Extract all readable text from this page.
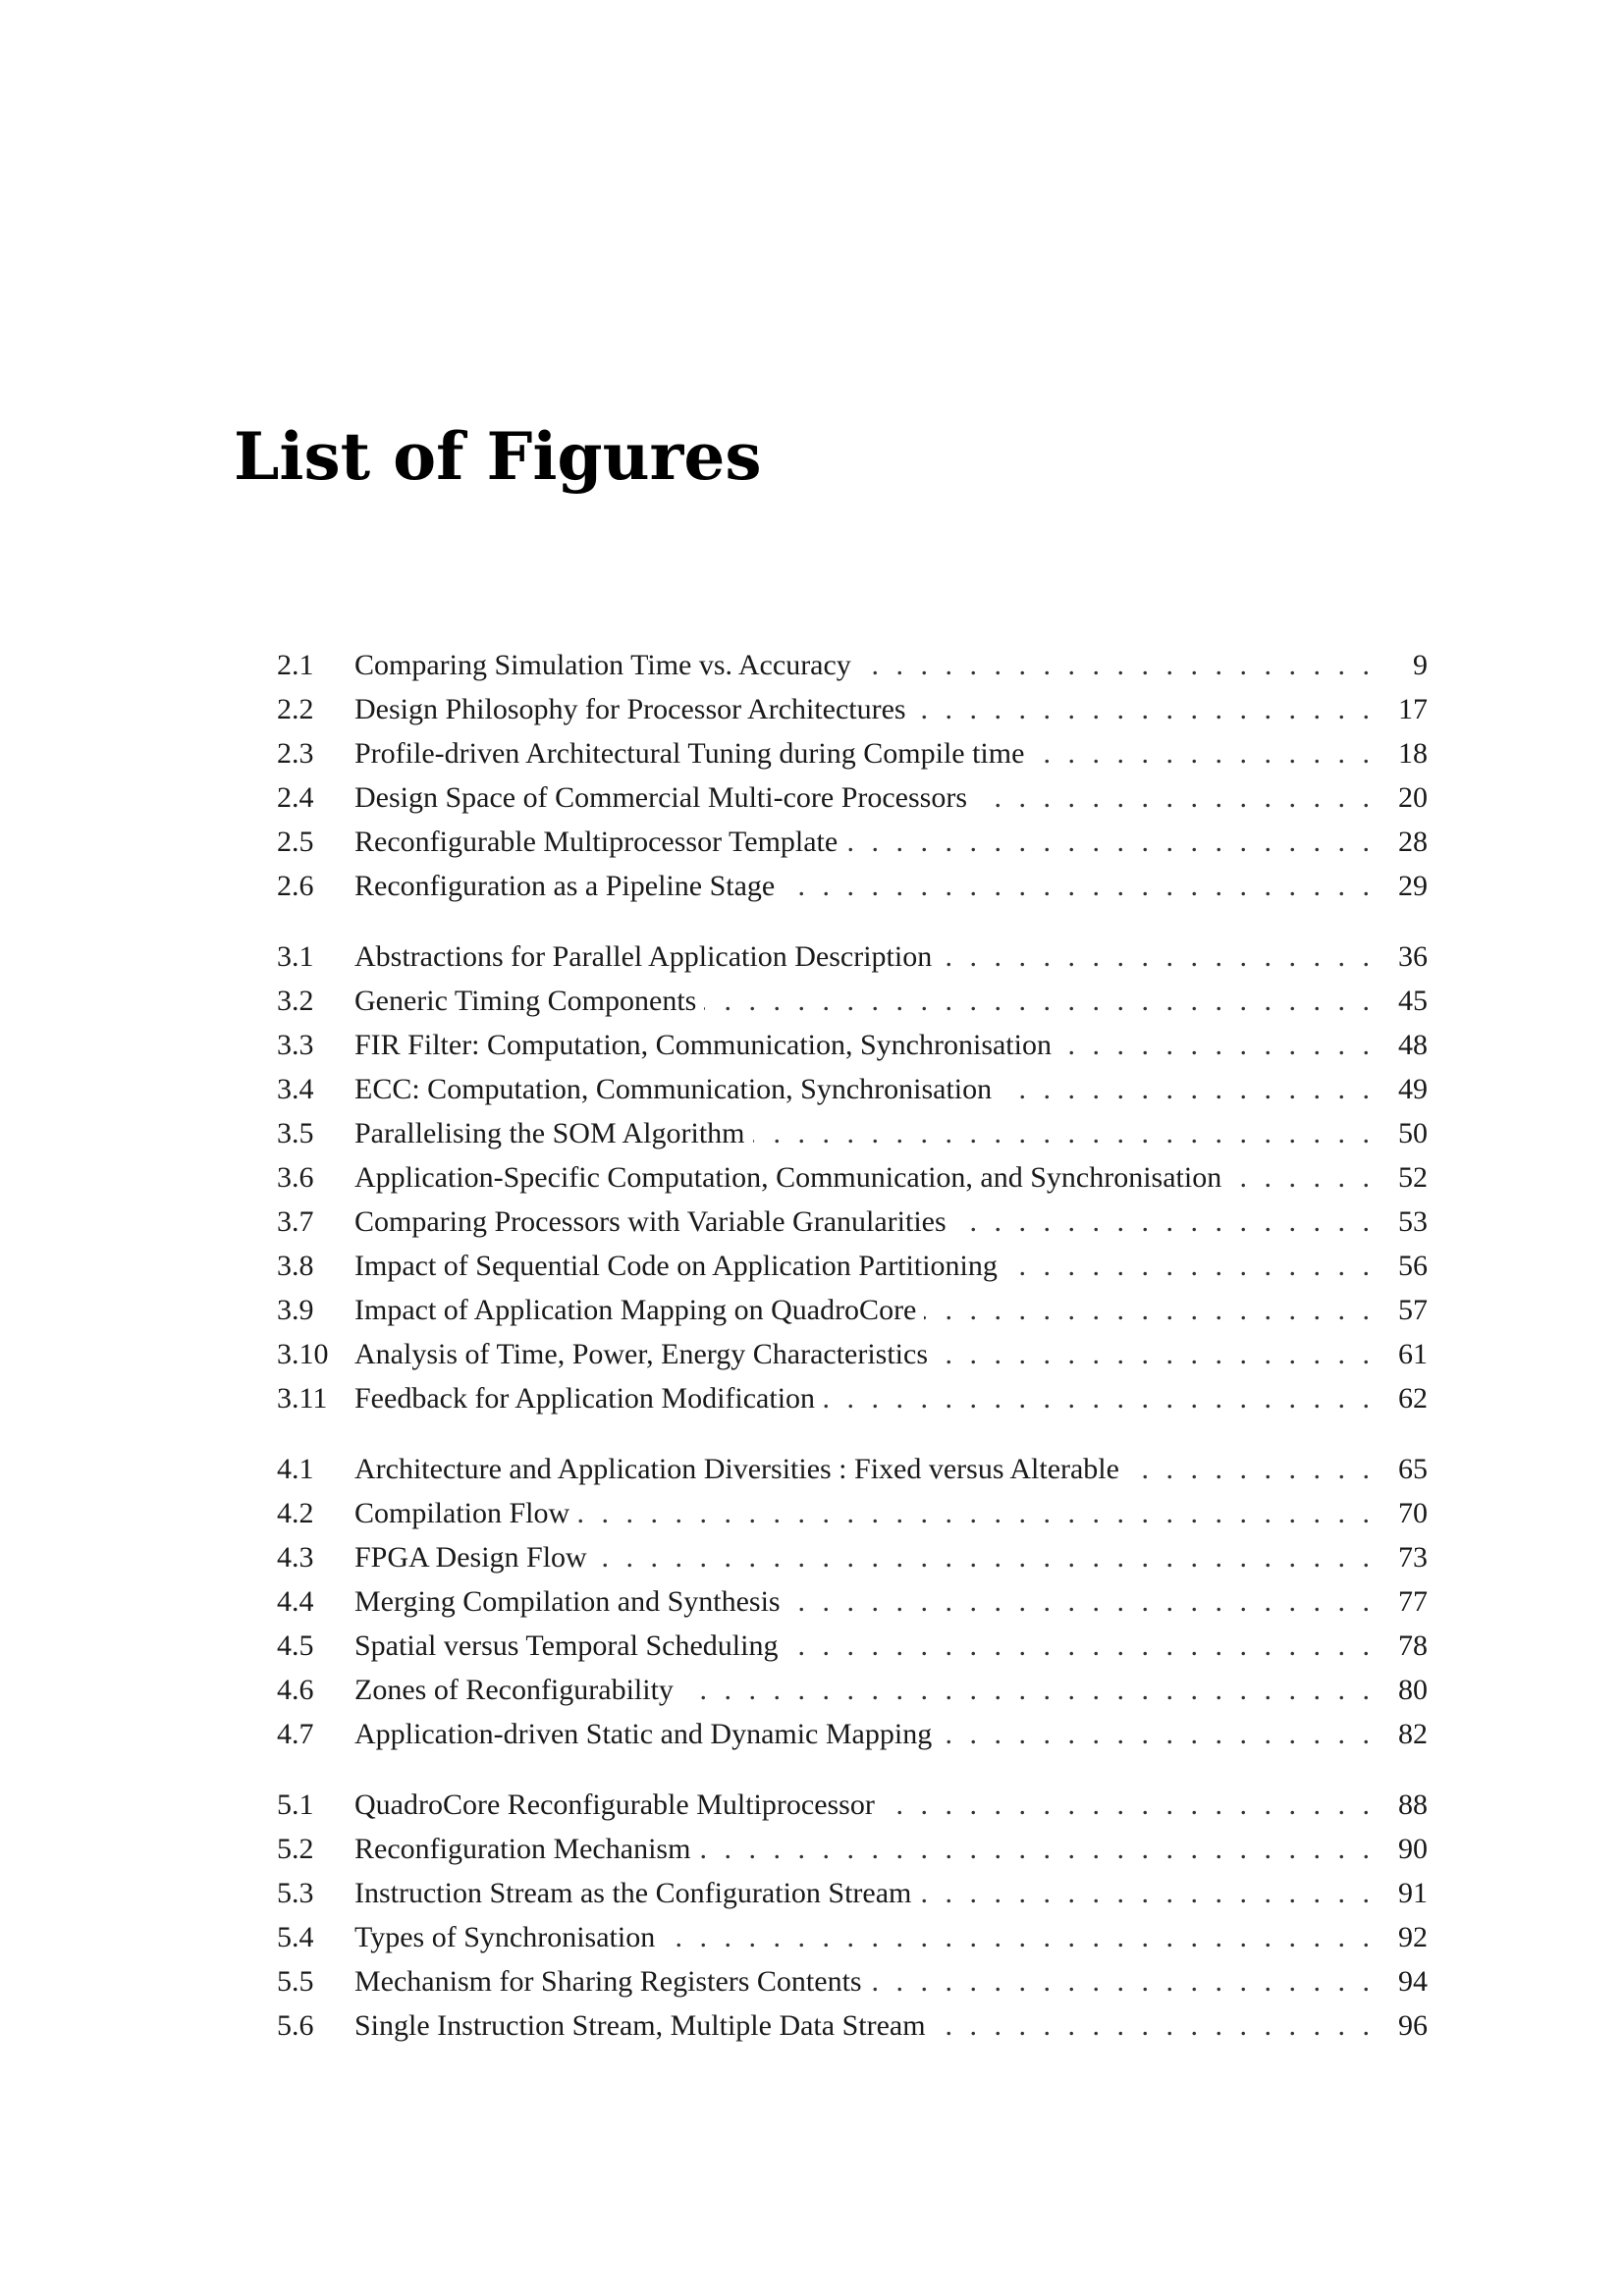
List of Figures
2.1	Comparing Simulation Time vs. Accuracy . . .	9
2.2	Design Philosophy for Processor Architectures . . .	17
2.3	Profile-driven Architectural Tuning during Compile time . . .	18
2.4	Design Space of Commercial Multi-core Processors . . .	20
2.5	Reconfigurable Multiprocessor Template . . .	28
2.6	Reconfiguration as a Pipeline Stage . . .	29
3.1	Abstractions for Parallel Application Description . . .	36
3.2	Generic Timing Components . . .	45
3.3	FIR Filter: Computation, Communication, Synchronisation . . .	48
3.4	ECC: Computation, Communication, Synchronisation . . .	49
3.5	Parallelising the SOM Algorithm . . .	50
3.6	Application-Specific Computation, Communication, and Synchronisation . . .	52
3.7	Comparing Processors with Variable Granularities . . .	53
3.8	Impact of Sequential Code on Application Partitioning . . .	56
3.9	Impact of Application Mapping on QuadroCore . . .	57
3.10 Analysis of Time, Power, Energy Characteristics . . .	61
3.11 Feedback for Application Modification . . .	62
4.1	Architecture and Application Diversities : Fixed versus Alterable . . .	65
4.2	Compilation Flow . . .	70
4.3	FPGA Design Flow . . .	73
4.4	Merging Compilation and Synthesis . . .	77
4.5	Spatial versus Temporal Scheduling . . .	78
4.6	Zones of Reconfigurability . . .	80
4.7	Application-driven Static and Dynamic Mapping . . .	82
5.1	QuadroCore Reconfigurable Multiprocessor . . .	88
5.2	Reconfiguration Mechanism . . .	90
5.3	Instruction Stream as the Configuration Stream . . .	91
5.4	Types of Synchronisation . . .	92
5.5	Mechanism for Sharing Registers Contents . . .	94
5.6	Single Instruction Stream, Multiple Data Stream . . .	96
